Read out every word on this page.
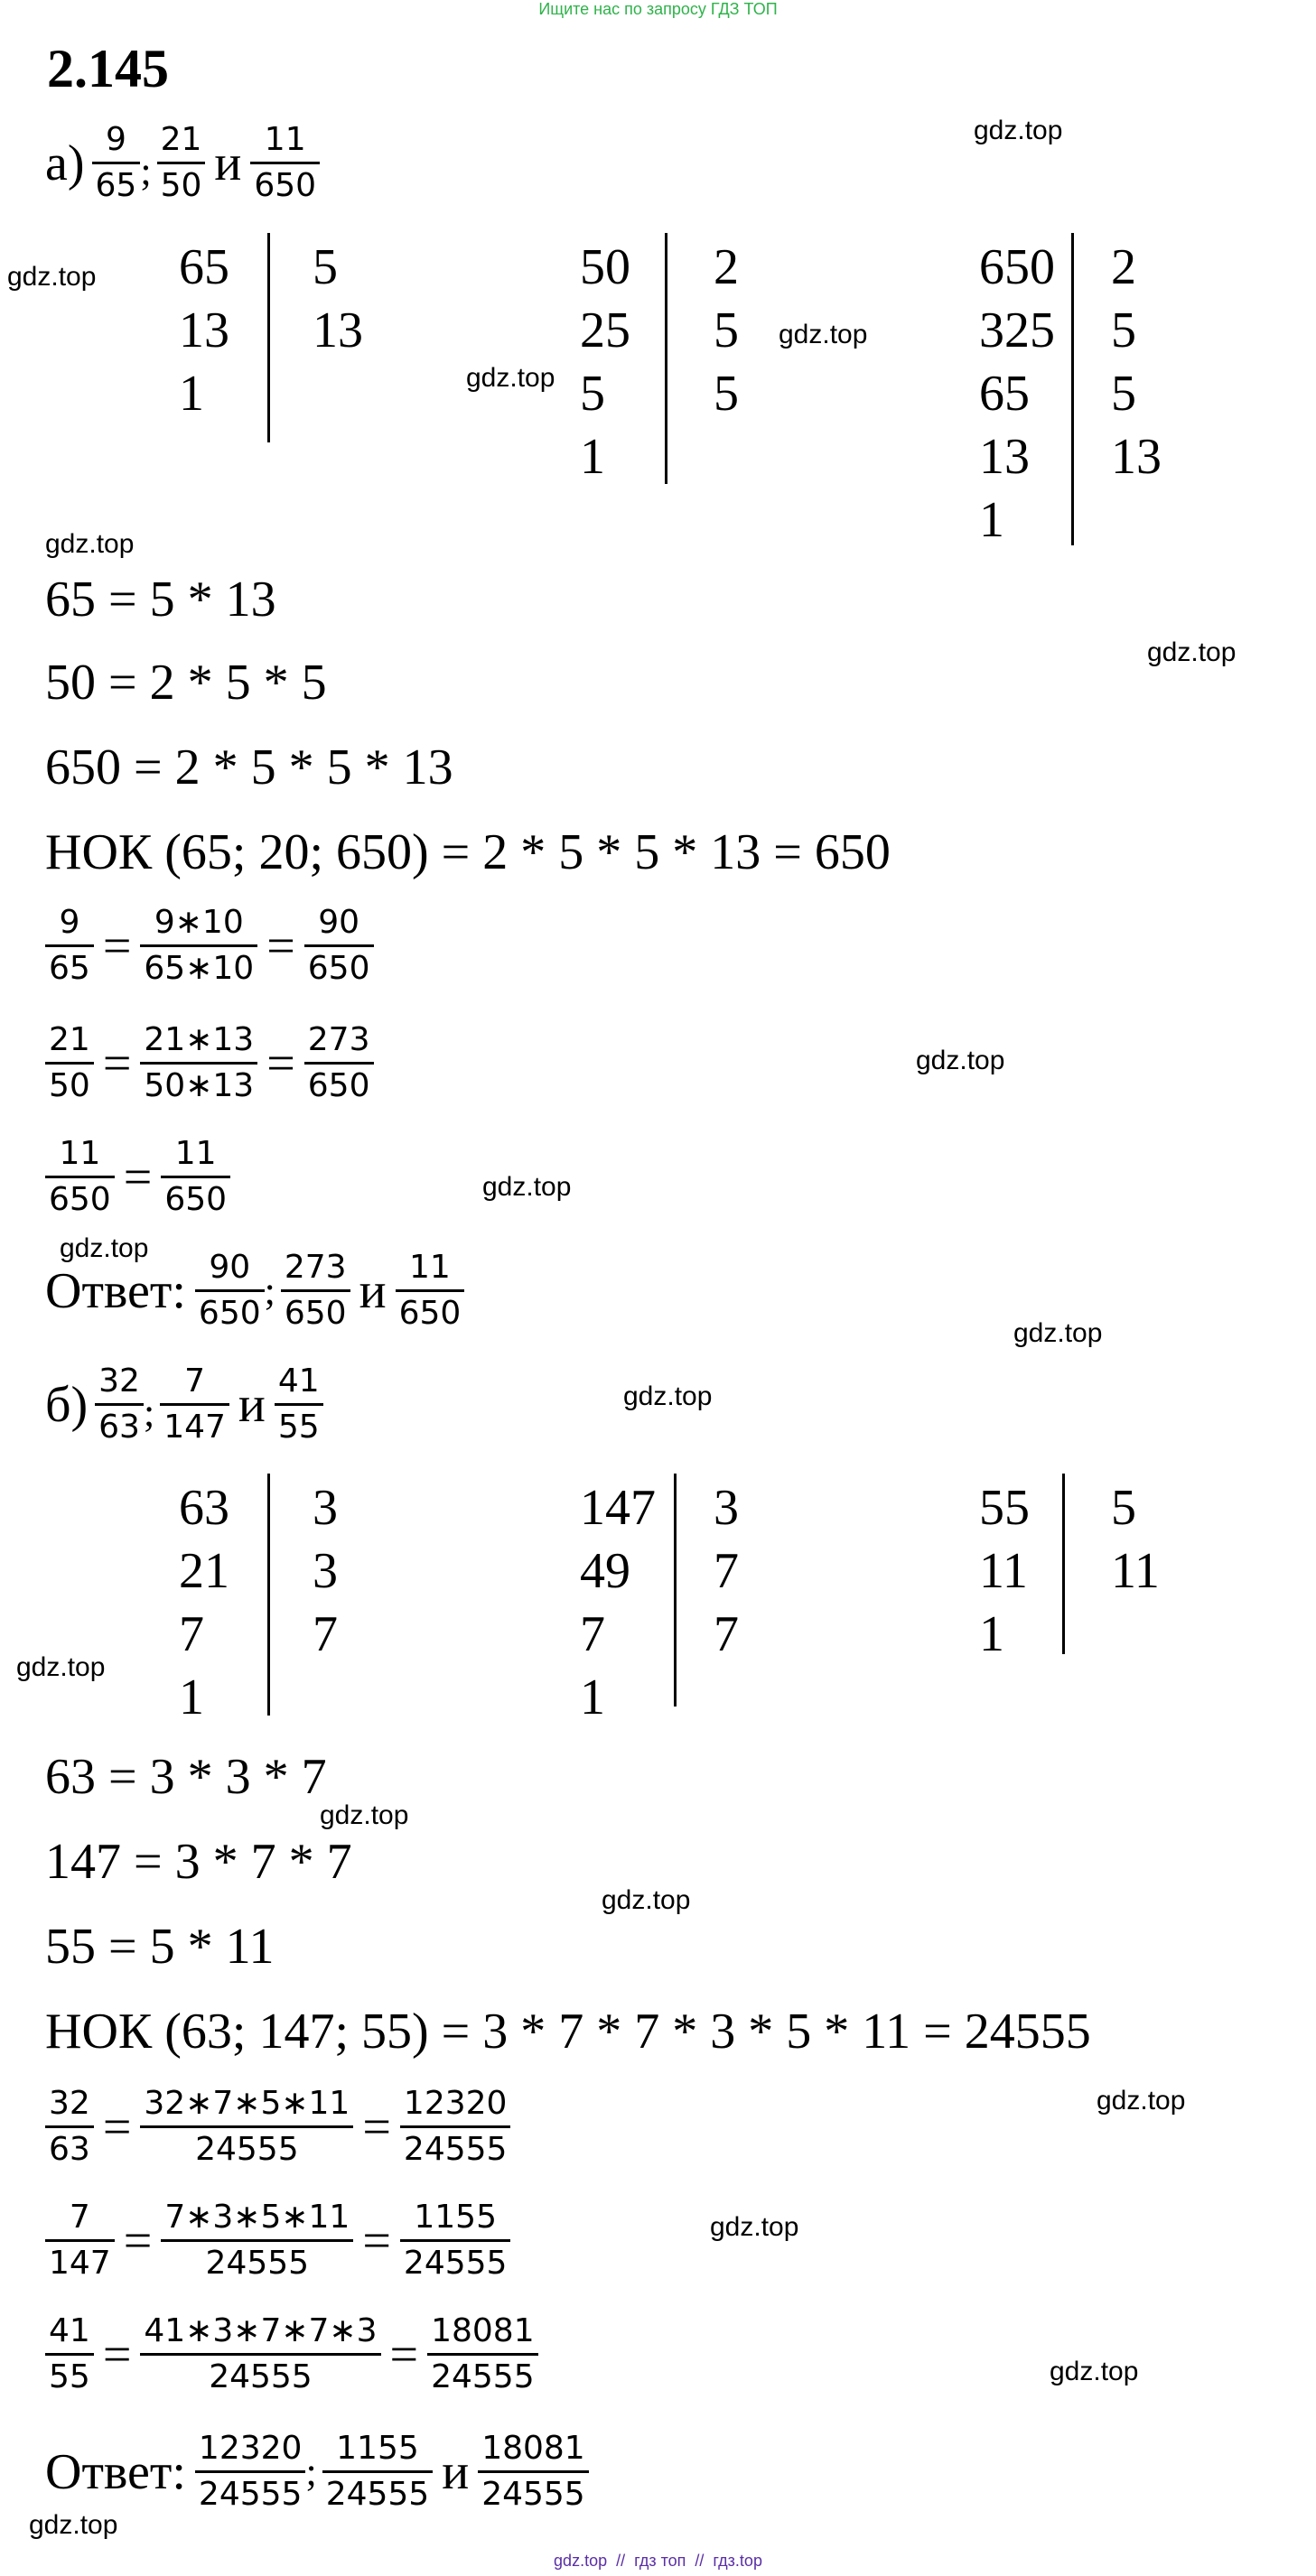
Ищите нас по запросу ГДЗ ТОП
2.145
$а) \frac{9}{65}$ ; $\frac{21}{50}$ и $\frac{11}{650}$
65
13
1
5
13
50
25
5
1
2
5
5
650
325
65
13
1
2
5
5
13
65 = 5 * 13
50 = 2 * 5 * 5
650 = 2 * 5 * 5 * 13
НОК (65; 20; 650) = 2 * 5 * 5 * 13 = 650
$\frac{9}{65} = \frac{9∗10}{65∗10} = \frac{90}{650}$
$\frac{21}{50} = \frac{21∗13}{50∗13} = \frac{273}{650}$
$\frac{11}{650} = \frac{11}{650}$
Ответ: $\frac{90}{650}$ ; $\frac{273}{650}$ и $\frac{11}{650}$
$б) \frac{32}{63}$ ; $\frac{7}{147}$ и $\frac{41}{55}$
63
21
7
1
3
3
7
147
49
7
1
3
7
7
55
11
1
5
11
63 = 3 * 3 * 7
147 = 3 * 7 * 7
55 = 5 * 11
НОК (63; 147; 55) = 3 * 7 * 7 * 3 * 5 * 11 = 24555
$\frac{32}{63} = \frac{32∗7∗5∗11}{24555} = \frac{12320}{24555}$
$\frac{7}{147} = \frac{7∗3∗5∗11}{24555} = \frac{1155}{24555}$
$\frac{41}{55} = \frac{41∗3∗7∗7∗3}{24555} = \frac{18081}{24555}$
Ответ: $\frac{12320}{24555}$ ; $\frac{1155}{24555}$ и $\frac{18081}{24555}$
gdz.top
gdz.top
gdz.top
gdz.top
gdz.top
gdz.top
gdz.top
gdz.top
gdz.top
gdz.top
gdz.top
gdz.top
gdz.top
gdz.top
gdz.top
gdz.top
gdz.top
gdz.top
gdz.top  //  гдз топ  //  гдз.top
